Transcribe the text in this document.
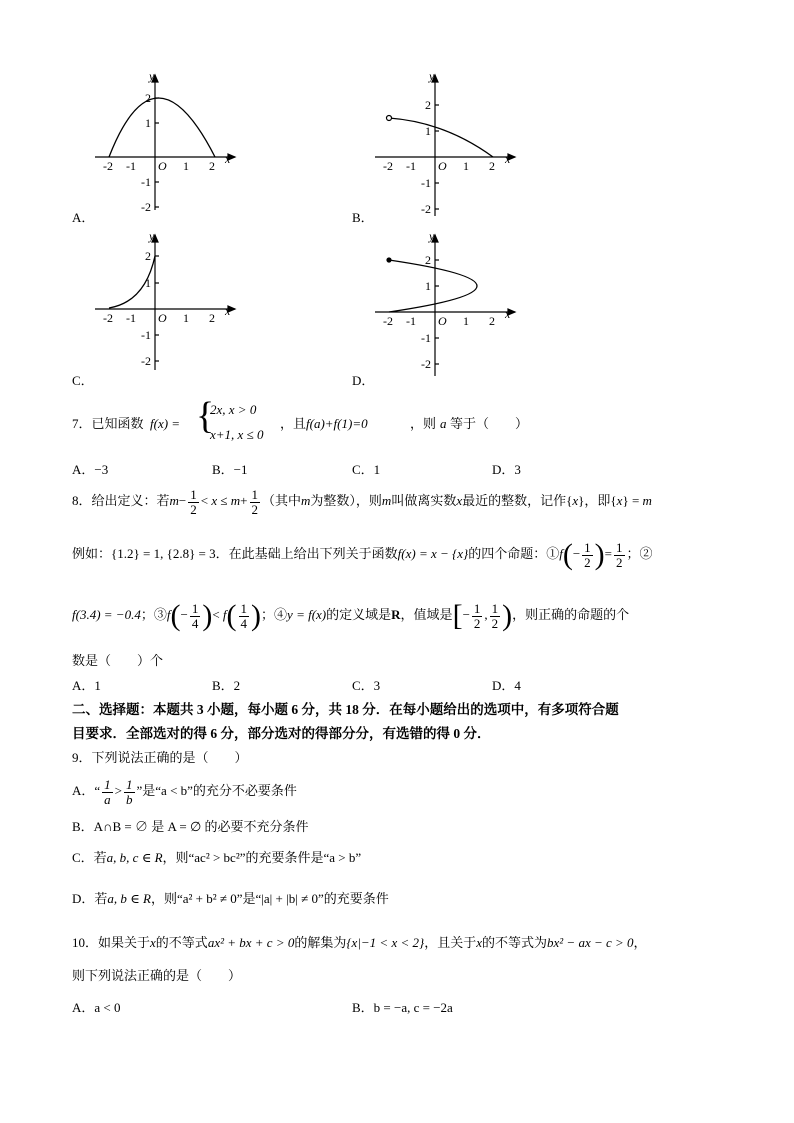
y
x
O
-2 -1	1 2
2
1
-1
-2
A．
y
x
O
-2 -1	1 2
2
1
-1
-2
B．
y
x
O
-2 -1	1 2
2
1
-1
-2
C．
y
x
O
-2 -1	1 2
2
1
-1
-2
D．
7．已知函数 f(x) = {
2x, x > 0
x+1, x ≤ 0
，且 f(a)+f(1)=0	，则 a 等于（　　）
A．−3	B．−1	C．1	D．3
8．给出定义：若$m- \frac{1}{2} < x \le m+ \frac{1}{2}$ （其中m为整数），则m叫做离实数x最近的整数，记作{x}，即{x} = m
例如：{1.2} = 1, {2.8} = 3．在此基础上给出下列关于函数f(x) = x − {x}的四个命题：①f(− $\frac{1}{2}$ )= $\frac{1}{2}$ ；②
f(3.4) = −0.4；③f(− $\frac{1}{4}$ )< $f( \frac{1}{4}$ )；④y = f(x)的定义域是R，值域是[− $\frac{1}{2}$ , $\frac{1}{2}$ )，则正确的命题的个
数是（　　）个
A．1	B．2	C．3	D．4
二、选择题：本题共 3 小题，每小题 6 分，共 18 分．在每小题给出的选项中，有多项符合题
目要求．全部选对的得 6 分，部分选对的得部分分，有选错的得 0 分．
9．下列说法正确的是（　　）
A．“ $\frac{1}{a} > \frac{1}{b}$ ”是“a < b”的充分不必要条件
B．A∩B = ∅ 是 A = ∅ 的必要不充分条件
C．若a, b, c ∈ R，则“ac² > bc²”的充要条件是“a > b”
D．若a, b ∈ R，则“a² + b² ≠ 0”是“|a| + |b| ≠ 0”的充要条件
10．如果关于x的不等式ax² + bx + c > 0的解集为{x|−1 < x < 2}，且关于x的不等式为bx² − ax − c > 0，
则下列说法正确的是（　　）
A．a < 0	B．b = −a, c = −2a
